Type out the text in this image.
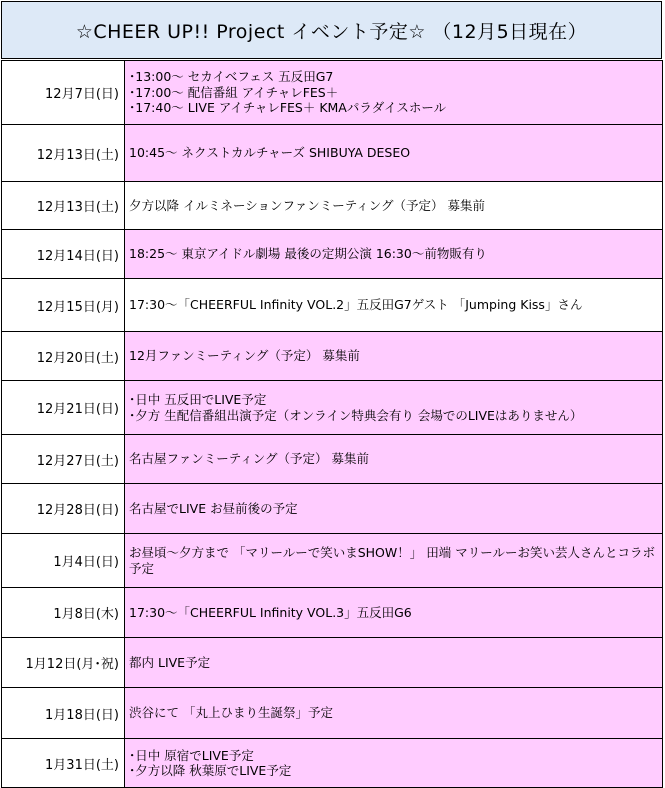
☆CHEER UP!! Project イベント予定☆ （12月5日現在）
12月7日(日)	･13:00～ セカイベフェス 五反田G7
･17:00～ 配信番組 アイチャレFES＋
･17:40～ LIVE アイチャレFES＋ KMAパラダイスホール

12月13日(土)	10:45～ ネクストカルチャーズ SHIBUYA DESEO

12月13日(土)	夕方以降 イルミネーションファンミーティング（予定） 募集前

12月14日(日)	18:25～ 東京アイドル劇場 最後の定期公演 16:30～前物販有り

12月15日(月)	17:30～「CHEERFUL Infinity VOL.2」五反田G7ゲスト 「Jumping Kiss」さん

12月20日(土)	12月ファンミーティング（予定） 募集前

12月21日(日)	･日中 五反田でLIVE予定
･夕方 生配信番組出演予定（オンライン特典会有り 会場でのLIVEはありません）

12月27日(土)	名古屋ファンミーティング（予定） 募集前

12月28日(日)	名古屋でLIVE お昼前後の予定

1月4日(日)	お昼頃～夕方まで 「マリールーで笑いまSHOW！」 田端 マリールーお笑い芸人さんとコラボ予定

1月8日(木)	17:30～「CHEERFUL Infinity VOL.3」五反田G6

1月12日(月･祝)	都内 LIVE予定

1月18日(日)	渋谷にて 「丸上ひまり生誕祭」予定

1月31日(土)	･日中 原宿でLIVE予定
･夕方以降 秋葉原でLIVE予定
